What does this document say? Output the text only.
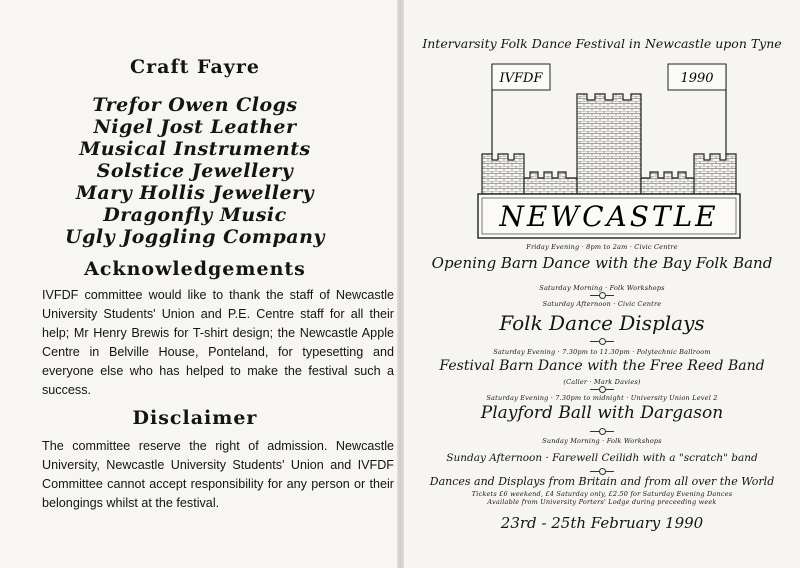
Craft Fayre
Trefor Owen Clogs
Nigel Jost Leather
Musical Instruments
Solstice Jewellery
Mary Hollis Jewellery
Dragonfly Music
Ugly Joggling Company
Acknowledgements
IVFDF committee would like to thank the staff of Newcastle University Students' Union and P.E. Centre staff for all their help; Mr Henry Brewis for T-shirt design; the Newcastle Apple Centre in Belville House, Ponteland, for typesetting and everyone else who has helped to make the festival such a success.
Disclaimer
The committee reserve the right of admission. Newcastle University, Newcastle University Students' Union and IVFDF Committee cannot accept responsibility for any person or their belongings whilst at the festival.
Intervarsity Folk Dance Festival in Newcastle upon Tyne
IVFDF	1990
NEWCASTLE
Friday Evening · 8pm to 2am · Civic Centre
Opening Barn Dance with the Bay Folk Band
Saturday Morning · Folk Workshops
Saturday Afternoon · Civic Centre
Folk Dance Displays
Saturday Evening · 7.30pm to 11.30pm · Polytechnic Ballroom
Festival Barn Dance with the Free Reed Band
(Caller · Mark Davies)
Saturday Evening · 7.30pm to midnight · University Union Level 2
Playford Ball with Dargason
Sunday Morning · Folk Workshops
Sunday Afternoon · Farewell Ceilidh with a "scratch" band
Dances and Displays from Britain and from all over the World
Tickets £6 weekend, £4 Saturday only, £2.50 for Saturday Evening Dances
Available from University Porters' Lodge during preceeding week
23rd - 25th February 1990
